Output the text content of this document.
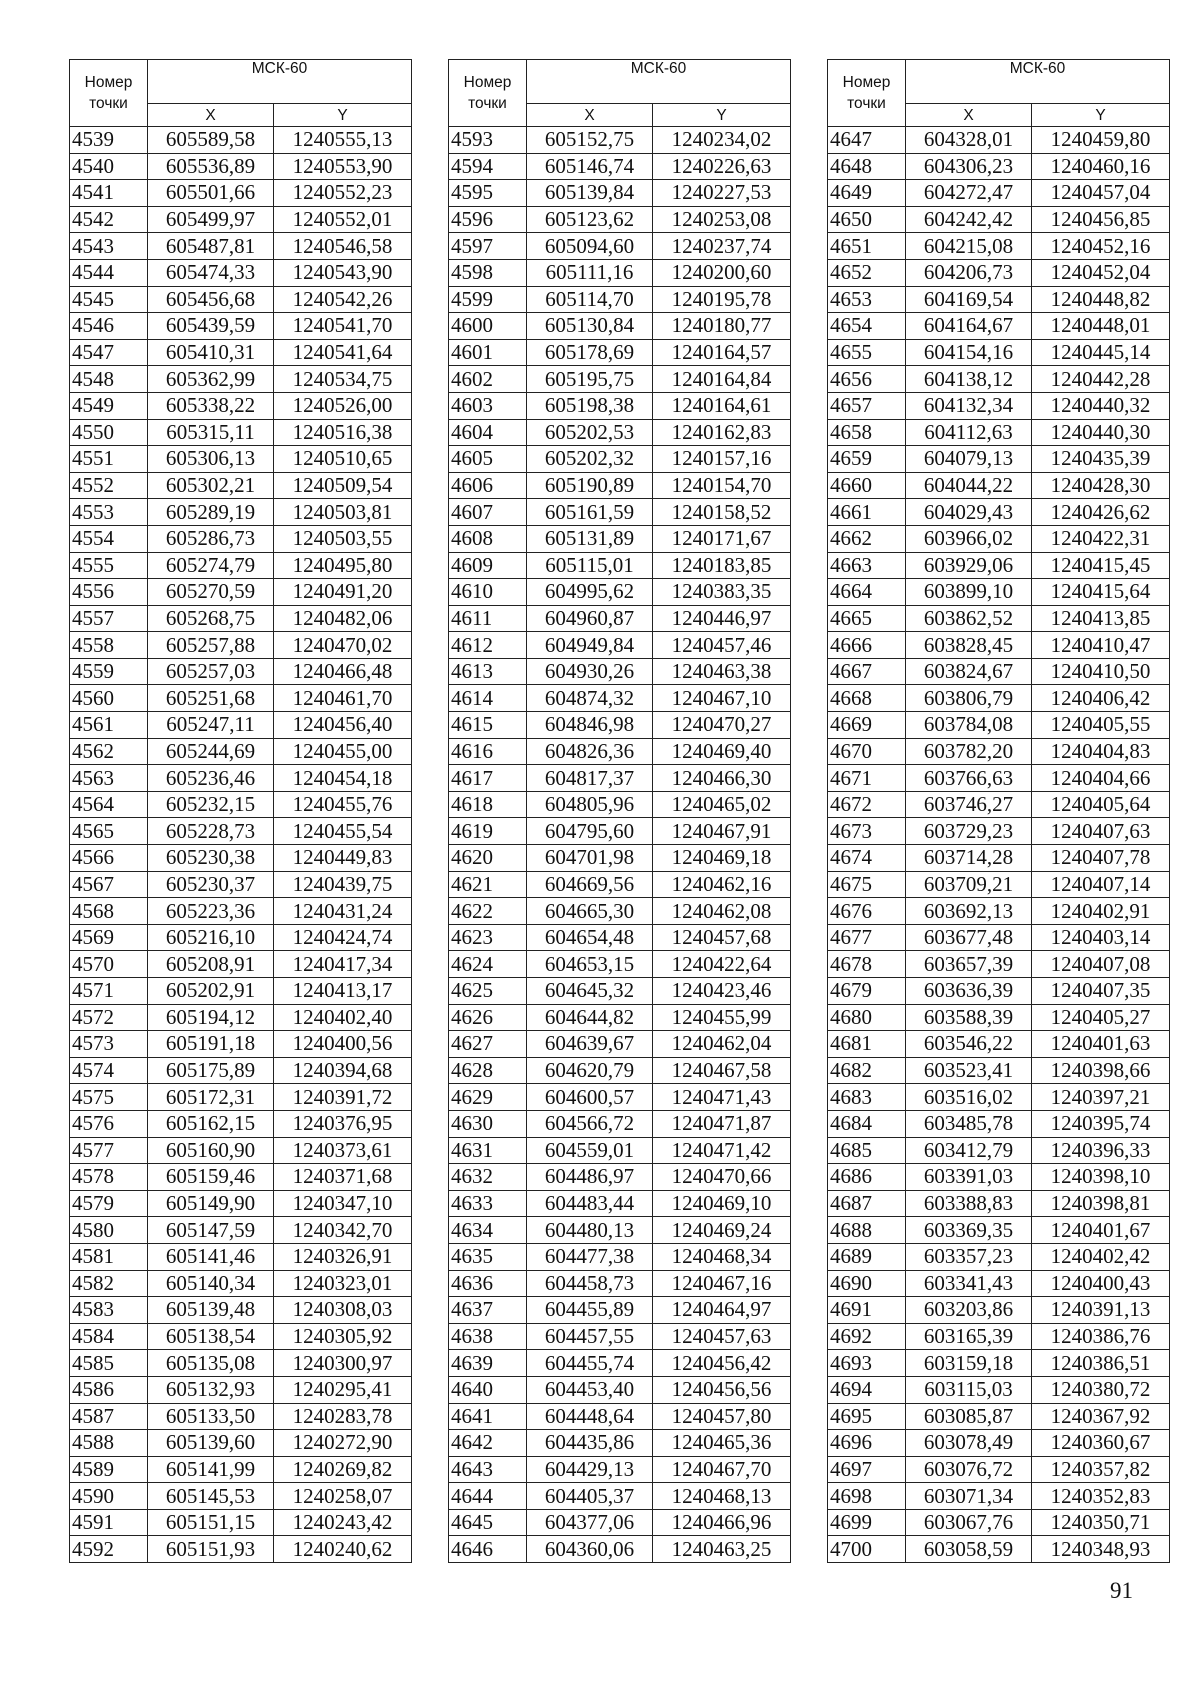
Номер точки	МСК-60	
	X	Y
4539	605589,58	1240555,13
4540	605536,89	1240553,90
4541	605501,66	1240552,23
4542	605499,97	1240552,01
4543	605487,81	1240546,58
4544	605474,33	1240543,90
4545	605456,68	1240542,26
4546	605439,59	1240541,70
4547	605410,31	1240541,64
4548	605362,99	1240534,75
4549	605338,22	1240526,00
4550	605315,11	1240516,38
4551	605306,13	1240510,65
4552	605302,21	1240509,54
4553	605289,19	1240503,81
4554	605286,73	1240503,55
4555	605274,79	1240495,80
4556	605270,59	1240491,20
4557	605268,75	1240482,06
4558	605257,88	1240470,02
4559	605257,03	1240466,48
4560	605251,68	1240461,70
4561	605247,11	1240456,40
4562	605244,69	1240455,00
4563	605236,46	1240454,18
4564	605232,15	1240455,76
4565	605228,73	1240455,54
4566	605230,38	1240449,83
4567	605230,37	1240439,75
4568	605223,36	1240431,24
4569	605216,10	1240424,74
4570	605208,91	1240417,34
4571	605202,91	1240413,17
4572	605194,12	1240402,40
4573	605191,18	1240400,56
4574	605175,89	1240394,68
4575	605172,31	1240391,72
4576	605162,15	1240376,95
4577	605160,90	1240373,61
4578	605159,46	1240371,68
4579	605149,90	1240347,10
4580	605147,59	1240342,70
4581	605141,46	1240326,91
4582	605140,34	1240323,01
4583	605139,48	1240308,03
4584	605138,54	1240305,92
4585	605135,08	1240300,97
4586	605132,93	1240295,41
4587	605133,50	1240283,78
4588	605139,60	1240272,90
4589	605141,99	1240269,82
4590	605145,53	1240258,07
4591	605151,15	1240243,42
4592	605151,93	1240240,62
Номер точки	МСК-60	
	X	Y
4593	605152,75	1240234,02
4594	605146,74	1240226,63
4595	605139,84	1240227,53
4596	605123,62	1240253,08
4597	605094,60	1240237,74
4598	605111,16	1240200,60
4599	605114,70	1240195,78
4600	605130,84	1240180,77
4601	605178,69	1240164,57
4602	605195,75	1240164,84
4603	605198,38	1240164,61
4604	605202,53	1240162,83
4605	605202,32	1240157,16
4606	605190,89	1240154,70
4607	605161,59	1240158,52
4608	605131,89	1240171,67
4609	605115,01	1240183,85
4610	604995,62	1240383,35
4611	604960,87	1240446,97
4612	604949,84	1240457,46
4613	604930,26	1240463,38
4614	604874,32	1240467,10
4615	604846,98	1240470,27
4616	604826,36	1240469,40
4617	604817,37	1240466,30
4618	604805,96	1240465,02
4619	604795,60	1240467,91
4620	604701,98	1240469,18
4621	604669,56	1240462,16
4622	604665,30	1240462,08
4623	604654,48	1240457,68
4624	604653,15	1240422,64
4625	604645,32	1240423,46
4626	604644,82	1240455,99
4627	604639,67	1240462,04
4628	604620,79	1240467,58
4629	604600,57	1240471,43
4630	604566,72	1240471,87
4631	604559,01	1240471,42
4632	604486,97	1240470,66
4633	604483,44	1240469,10
4634	604480,13	1240469,24
4635	604477,38	1240468,34
4636	604458,73	1240467,16
4637	604455,89	1240464,97
4638	604457,55	1240457,63
4639	604455,74	1240456,42
4640	604453,40	1240456,56
4641	604448,64	1240457,80
4642	604435,86	1240465,36
4643	604429,13	1240467,70
4644	604405,37	1240468,13
4645	604377,06	1240466,96
4646	604360,06	1240463,25
Номер точки	МСК-60	
	X	Y
4647	604328,01	1240459,80
4648	604306,23	1240460,16
4649	604272,47	1240457,04
4650	604242,42	1240456,85
4651	604215,08	1240452,16
4652	604206,73	1240452,04
4653	604169,54	1240448,82
4654	604164,67	1240448,01
4655	604154,16	1240445,14
4656	604138,12	1240442,28
4657	604132,34	1240440,32
4658	604112,63	1240440,30
4659	604079,13	1240435,39
4660	604044,22	1240428,30
4661	604029,43	1240426,62
4662	603966,02	1240422,31
4663	603929,06	1240415,45
4664	603899,10	1240415,64
4665	603862,52	1240413,85
4666	603828,45	1240410,47
4667	603824,67	1240410,50
4668	603806,79	1240406,42
4669	603784,08	1240405,55
4670	603782,20	1240404,83
4671	603766,63	1240404,66
4672	603746,27	1240405,64
4673	603729,23	1240407,63
4674	603714,28	1240407,78
4675	603709,21	1240407,14
4676	603692,13	1240402,91
4677	603677,48	1240403,14
4678	603657,39	1240407,08
4679	603636,39	1240407,35
4680	603588,39	1240405,27
4681	603546,22	1240401,63
4682	603523,41	1240398,66
4683	603516,02	1240397,21
4684	603485,78	1240395,74
4685	603412,79	1240396,33
4686	603391,03	1240398,10
4687	603388,83	1240398,81
4688	603369,35	1240401,67
4689	603357,23	1240402,42
4690	603341,43	1240400,43
4691	603203,86	1240391,13
4692	603165,39	1240386,76
4693	603159,18	1240386,51
4694	603115,03	1240380,72
4695	603085,87	1240367,92
4696	603078,49	1240360,67
4697	603076,72	1240357,82
4698	603071,34	1240352,83
4699	603067,76	1240350,71
4700	603058,59	1240348,93
91
